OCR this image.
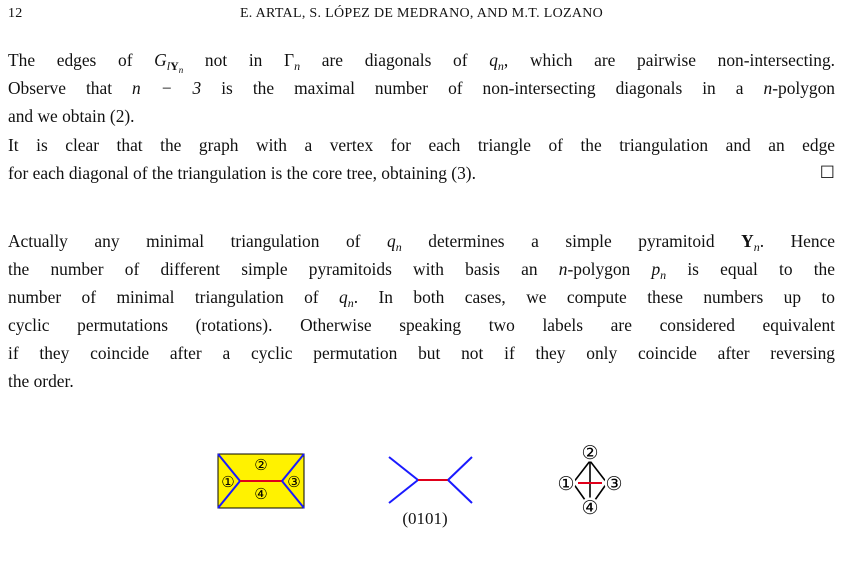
12	E. ARTAL, S. LÓPEZ DE MEDRANO, AND M.T. LOZANO
The edges of $G_{lY_n}$ not in $\Gamma_n$ are diagonals of $q_n$, which are pairwise non-intersecting.
Observe that n − 3 is the maximal number of non-intersecting diagonals in a n-polygon
and we obtain (2).
It is clear that the graph with a vertex for each triangle of the triangulation and an edge
for each diagonal of the triangulation is the core tree, obtaining (3).	☐
Actually any minimal triangulation of $q_n$ determines a simple pyramitoid $Y_n$. Hence
the number of different simple pyramitoids with basis an n-polygon $p_n$ is equal to the
number of minimal triangulation of $q_n$. In both cases, we compute these numbers up to
cyclic permutations (rotations). Otherwise speaking two labels are considered equivalent
if they coincide after a cyclic permutation but not if they only coincide after reversing
the order.
①
②
③
④	①
②
③
④
(0101)
